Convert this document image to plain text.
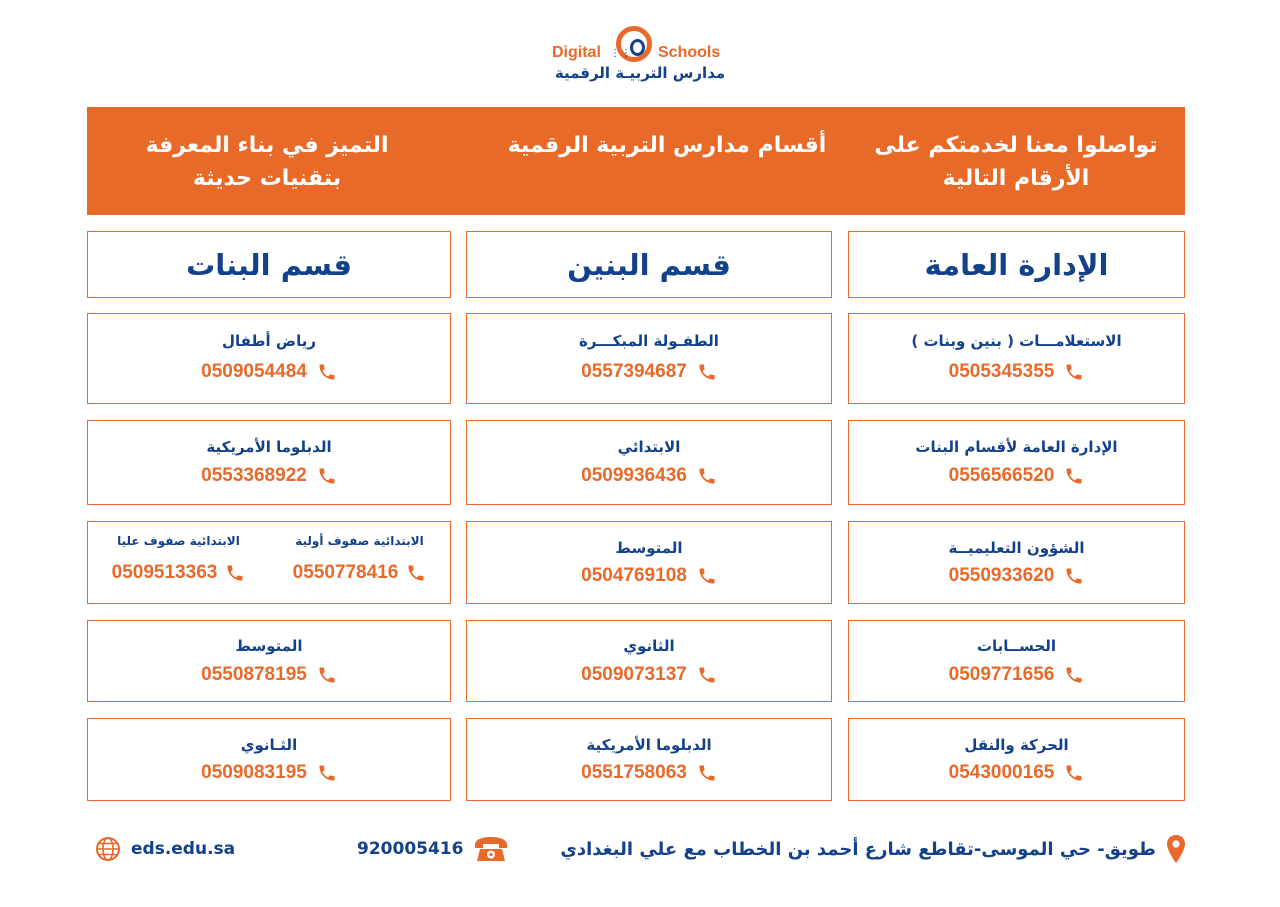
Digital ⋮⋮ Schools
مدارس التربيـة الرقمية
تواصلوا معنا لخدمتكم على
الأرقام التالية
أقسام مدارس التربية الرقمية
التميز في بناء المعرفة
بتقنيات حديثة
الإدارة العامة
قسم البنين
قسم البنات
الاستعلامـــات ( بنين وبنات )
0505345355
الإدارة العامة لأقسام البنات
0556566520
الشؤون التعليميــة
0550933620
الحســابات
0509771656
الحركة والنقل
0543000165
الطفـولة المبكـــرة
0557394687
الابتدائي
0509936436
المتوسط
0504769108
الثانوي
0509073137
الدبلوما الأمريكية
0551758063
رياض أطفال
0509054484
الدبلوما الأمريكية
0553368922
الابتدائية صفوف أولية
0550778416
الابتدائية صفوف عليا
0509513363
المتوسط
0550878195
الثـانوي
0509083195
طويق- حي الموسى-تقاطع شارع أحمد بن الخطاب مع علي البغدادي
920005416
eds.edu.sa
